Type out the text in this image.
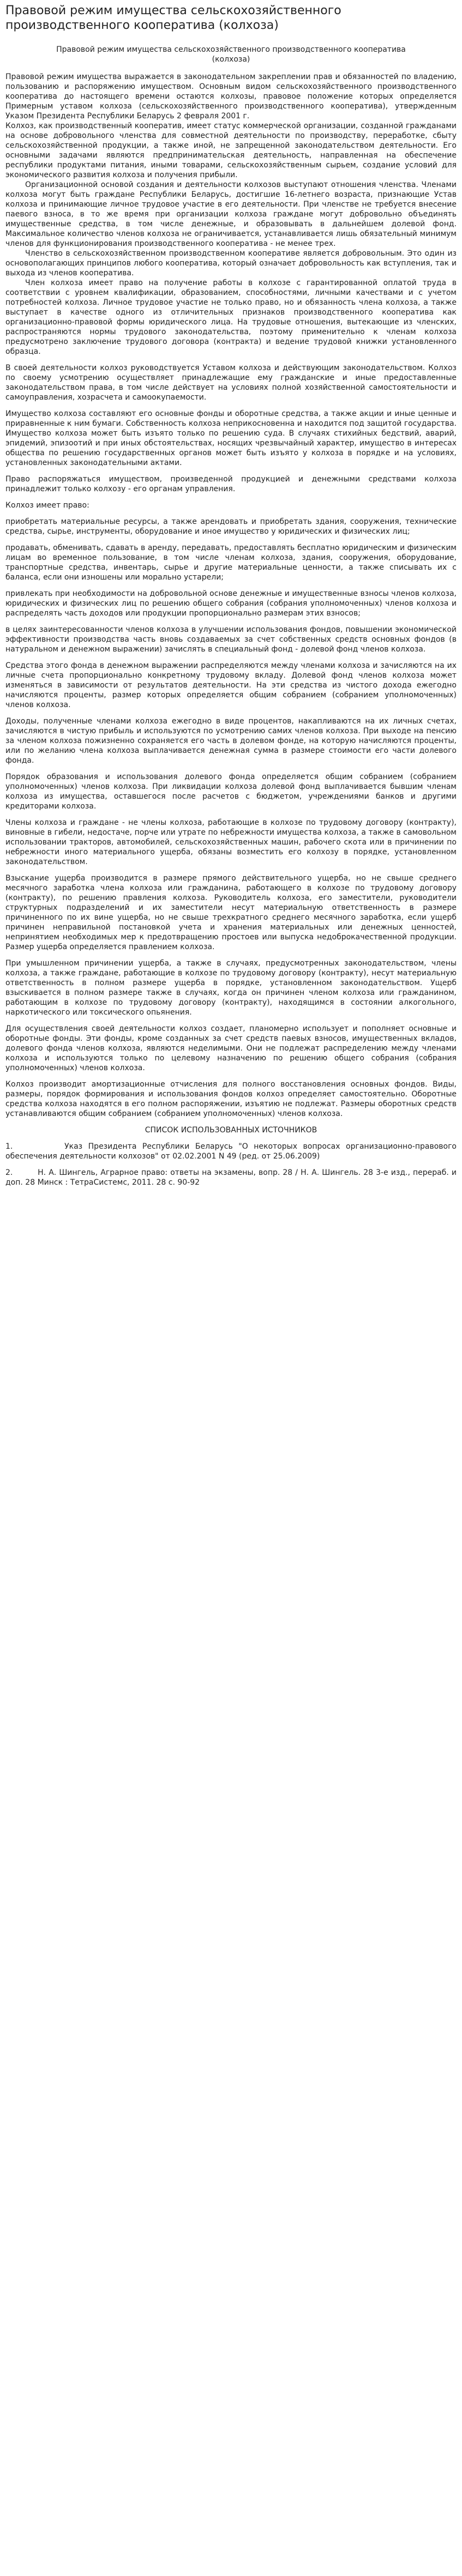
Правовой режим имущества сельскохозяйственного производственного кооператива (колхоза)
Правовой режим имущества сельскохозяйственного производственного кооператива (колхоза)

Правовой режим имущества выражается в законодательном закреплении прав и обязанностей по владению, пользованию и распоряжению имуществом. Основным видом сельскохозяйственного производственного кооператива до настоящего времени остаются колхозы, правовое положение которых определяется Примерным уставом колхоза (сельскохозяйственного производственного кооператива), утвержденным Указом Президента Республики Беларусь 2 февраля 2001 г.

Колхоз, как производственный кооператив, имеет статус коммерческой организации, созданной гражданами на основе добровольного членства для совместной деятельности по производству, переработке, сбыту сельскохозяйственной продукции, а также иной, не запрещенной законодательством деятельности. Его основными задачами являются предпринимательская деятельность, направленная на обеспечение республики продуктами питания, иными товарами, сельскохозяйственным сырьем, создание условий для экономического развития колхоза и получения прибыли.

Организационной основой создания и деятельности колхозов выступают отношения членства. Членами колхоза могут быть граждане Республики Беларусь, достигшие 16-летнего возраста, признающие Устав колхоза и принимающие личное трудовое участие в его деятельности. При членстве не требуется внесение паевого взноса, в то же время при организации колхоза граждане могут добровольно объединять имущественные средства, в том числе денежные, и образовывать в дальнейшем долевой фонд. Максимальное количество членов колхоза не ограничивается, устанавливается лишь обязательный минимум членов для функционирования производственного кооператива - не менее трех.

Членство в сельскохозяйственном производственном кооперативе является добровольным. Это один из основополагающих принципов любого кооператива, который означает добровольность как вступления, так и выхода из членов кооператива.

Член колхоза имеет право на получение работы в колхозе с гарантированной оплатой труда в соответствии с уровнем квалификации, образованием, способностями, личными качествами и с учетом потребностей колхоза. Личное трудовое участие не только право, но и обязанность члена колхоза, а также выступает в качестве одного из отличительных признаков производственного кооператива как организационно-правовой формы юридического лица. На трудовые отношения, вытекающие из членских, распространяются нормы трудового законодательства, поэтому применительно к членам колхоза предусмотрено заключение трудового договора (контракта) и ведение трудовой книжки установленного образца.

В своей деятельности колхоз руководствуется Уставом колхоза и действующим законодательством. Колхоз по своему усмотрению осуществляет принадлежащие ему гражданские и иные предоставленные законодательством права, в том числе действует на условиях полной хозяйственной самостоятельности и самоуправления, хозрасчета и самоокупаемости.

Имущество колхоза составляют его основные фонды и оборотные средства, а также акции и иные ценные и приравненные к ним бумаги. Собственность колхоза неприкосновенна и находится под защитой государства. Имущество колхоза может быть изъято только по решению суда. В случаях стихийных бедствий, аварий, эпидемий, эпизоотий и при иных обстоятельствах, носящих чрезвычайный характер, имущество в интересах общества по решению государственных органов может быть изъято у колхоза в порядке и на условиях, установленных законодательными актами.

Право распоряжаться имуществом, произведенной продукцией и денежными средствами колхоза принадлежит только колхозу - его органам управления.

Колхоз имеет право:

приобретать материальные ресурсы, а также арендовать и приобретать здания, сооружения, технические средства, сырье, инструменты, оборудование и иное имущество у юридических и физических лиц;

продавать, обменивать, сдавать в аренду, передавать, предоставлять бесплатно юридическим и физическим лицам во временное пользование, в том числе членам колхоза, здания, сооружения, оборудование, транспортные средства, инвентарь, сырье и другие материальные ценности, а также списывать их с баланса, если они изношены или морально устарели;

привлекать при необходимости на добровольной основе денежные и имущественные взносы членов колхоза, юридических и физических лиц по решению общего собрания (собрания уполномоченных) членов колхоза и распределять часть доходов или продукции пропорционально размерам этих взносов;

в целях заинтересованности членов колхоза в улучшении использования фондов, повышении экономической эффективности производства часть вновь создаваемых за счет собственных средств основных фондов (в натуральном и денежном выражении) зачислять в специальный фонд - долевой фонд членов колхоза.

Средства этого фонда в денежном выражении распределяются между членами колхоза и зачисляются на их личные счета пропорционально конкретному трудовому вкладу. Долевой фонд членов колхоза может изменяться в зависимости от результатов деятельности. На эти средства из чистого дохода ежегодно начисляются проценты, размер которых определяется общим собранием (собранием уполномоченных) членов колхоза.

Доходы, полученные членами колхоза ежегодно в виде процентов, накапливаются на их личных счетах, зачисляются в чистую прибыль и используются по усмотрению самих членов колхоза. При выходе на пенсию за членом колхоза пожизненно сохраняется его часть в долевом фонде, на которую начисляются проценты, или по желанию члена колхоза выплачивается денежная сумма в размере стоимости его части долевого фонда.

Порядок образования и использования долевого фонда определяется общим собранием (собранием уполномоченных) членов колхоза. При ликвидации колхоза долевой фонд выплачивается бывшим членам колхоза из имущества, оставшегося после расчетов с бюджетом, учреждениями банков и другими кредиторами колхоза.

Члены колхоза и граждане - не члены колхоза, работающие в колхозе по трудовому договору (контракту), виновные в гибели, недостаче, порче или утрате по небрежности имущества колхоза, а также в самовольном использовании тракторов, автомобилей, сельскохозяйственных машин, рабочего скота или в причинении по небрежности иного материального ущерба, обязаны возместить его колхозу в порядке, установленном законодательством.

Взыскание ущерба производится в размере прямого действительного ущерба, но не свыше среднего месячного заработка члена колхоза или гражданина, работающего в колхозе по трудовому договору (контракту), по решению правления колхоза. Руководитель колхоза, его заместители, руководители структурных подразделений и их заместители несут материальную ответственность в размере причиненного по их вине ущерба, но не свыше трехкратного среднего месячного заработка, если ущерб причинен неправильной постановкой учета и хранения материальных или денежных ценностей, непринятием необходимых мер к предотвращению простоев или выпуска недоброкачественной продукции. Размер ущерба определяется правлением колхоза.

При умышленном причинении ущерба, а также в случаях, предусмотренных законодательством, члены колхоза, а также граждане, работающие в колхозе по трудовому договору (контракту), несут материальную ответственность в полном размере ущерба в порядке, установленном законодательством. Ущерб взыскивается в полном размере также в случаях, когда он причинен членом колхоза или гражданином, работающим в колхозе по трудовому договору (контракту), находящимся в состоянии алкогольного, наркотического или токсического опьянения.

Для осуществления своей деятельности колхоз создает, планомерно использует и пополняет основные и оборотные фонды. Эти фонды, кроме созданных за счет средств паевых взносов, имущественных вкладов, долевого фонда членов колхоза, являются неделимыми. Они не подлежат распределению между членами колхоза и используются только по целевому назначению по решению общего собрания (собрания уполномоченных) членов колхоза.

Колхоз производит амортизационные отчисления для полного восстановления основных фондов. Виды, размеры, порядок формирования и использования фондов колхоз определяет самостоятельно. Оборотные средства колхоза находятся в его полном распоряжении, изъятию не подлежат. Размеры оборотных средств устанавливаются общим собранием (собранием уполномоченных) членов колхоза.

СПИСОК ИСПОЛЬЗОВАННЫХ ИСТОЧНИКОВ

1.         Указ Президента Республики Беларусь "О некоторых вопросах организационно-правового обеспечения деятельности колхозов" от 02.02.2001 N 49 (ред. от 25.06.2009)

2.         Н. А. Шингель, Аграрное право: ответы на экзамены, вопр. 28 / Н. А. Шингель. 28 3-е изд., перераб. и доп. 28 Минск : ТетраСистемс, 2011. 28 с. 90-92
